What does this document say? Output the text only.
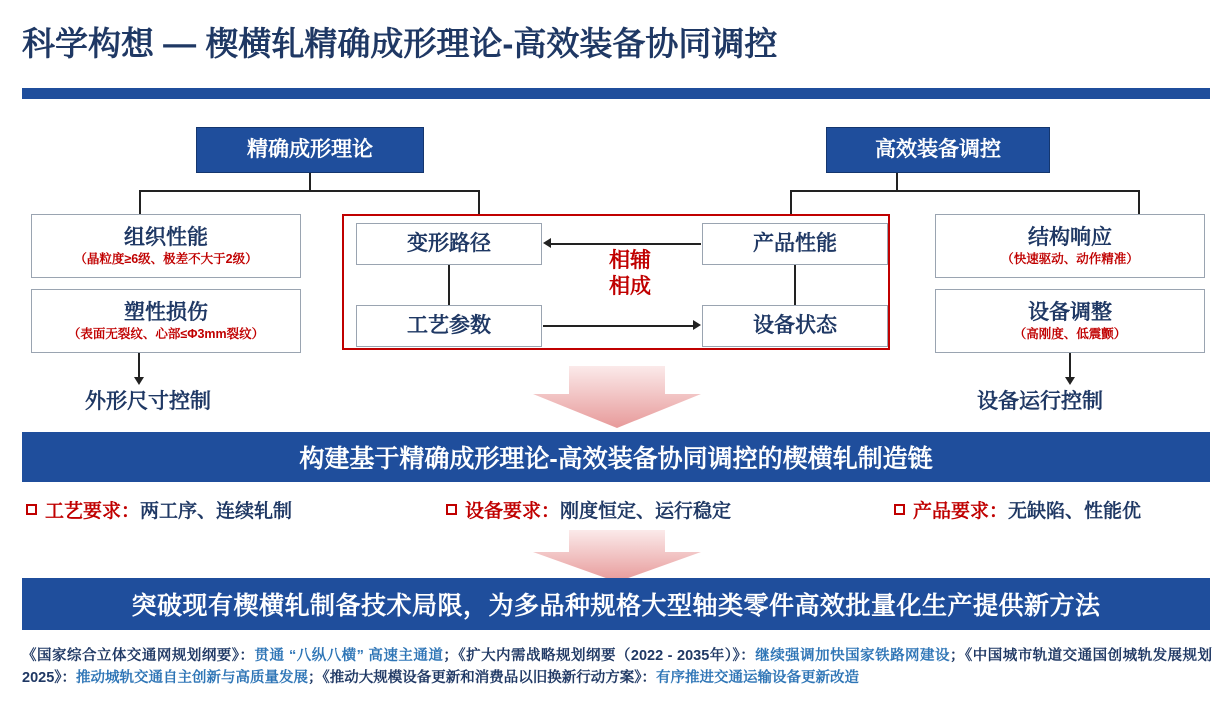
科学构想 — 楔横轧精确成形理论-高效装备协同调控
精确成形理论	高效装备调控
组织性能
（晶粒度≥6级、极差不大于2级）
塑性损伤
（表面无裂纹、心部≤Φ3mm裂纹）
外形尺寸控制
变形路径
工艺参数
产品性能
设备状态
相辅
相成
结构响应
（快速驱动、动作精准）
设备调整
（高刚度、低震颤）
设备运行控制
构建基于精确成形理论-高效装备协同调控的楔横轧制造链
工艺要求： 两工序、连续轧制	设备要求： 刚度恒定、运行稳定	产品要求： 无缺陷、性能优
突破现有楔横轧制备技术局限，为多品种规格大型轴类零件高效批量化生产提供新方法
《国家综合立体交通网规划纲要》：贯通 “八纵八横” 高速主通道；《扩大内需战略规划纲要（2022 - 2035年）》：继续强调加快国家铁路网建设；《中国城市轨道交通国创城轨发展规划 2025》：推动城轨交通自主创新与高质量发展；《推动大规模设备更新和消费品以旧换新行动方案》：有序推进交通运输设备更新改造
